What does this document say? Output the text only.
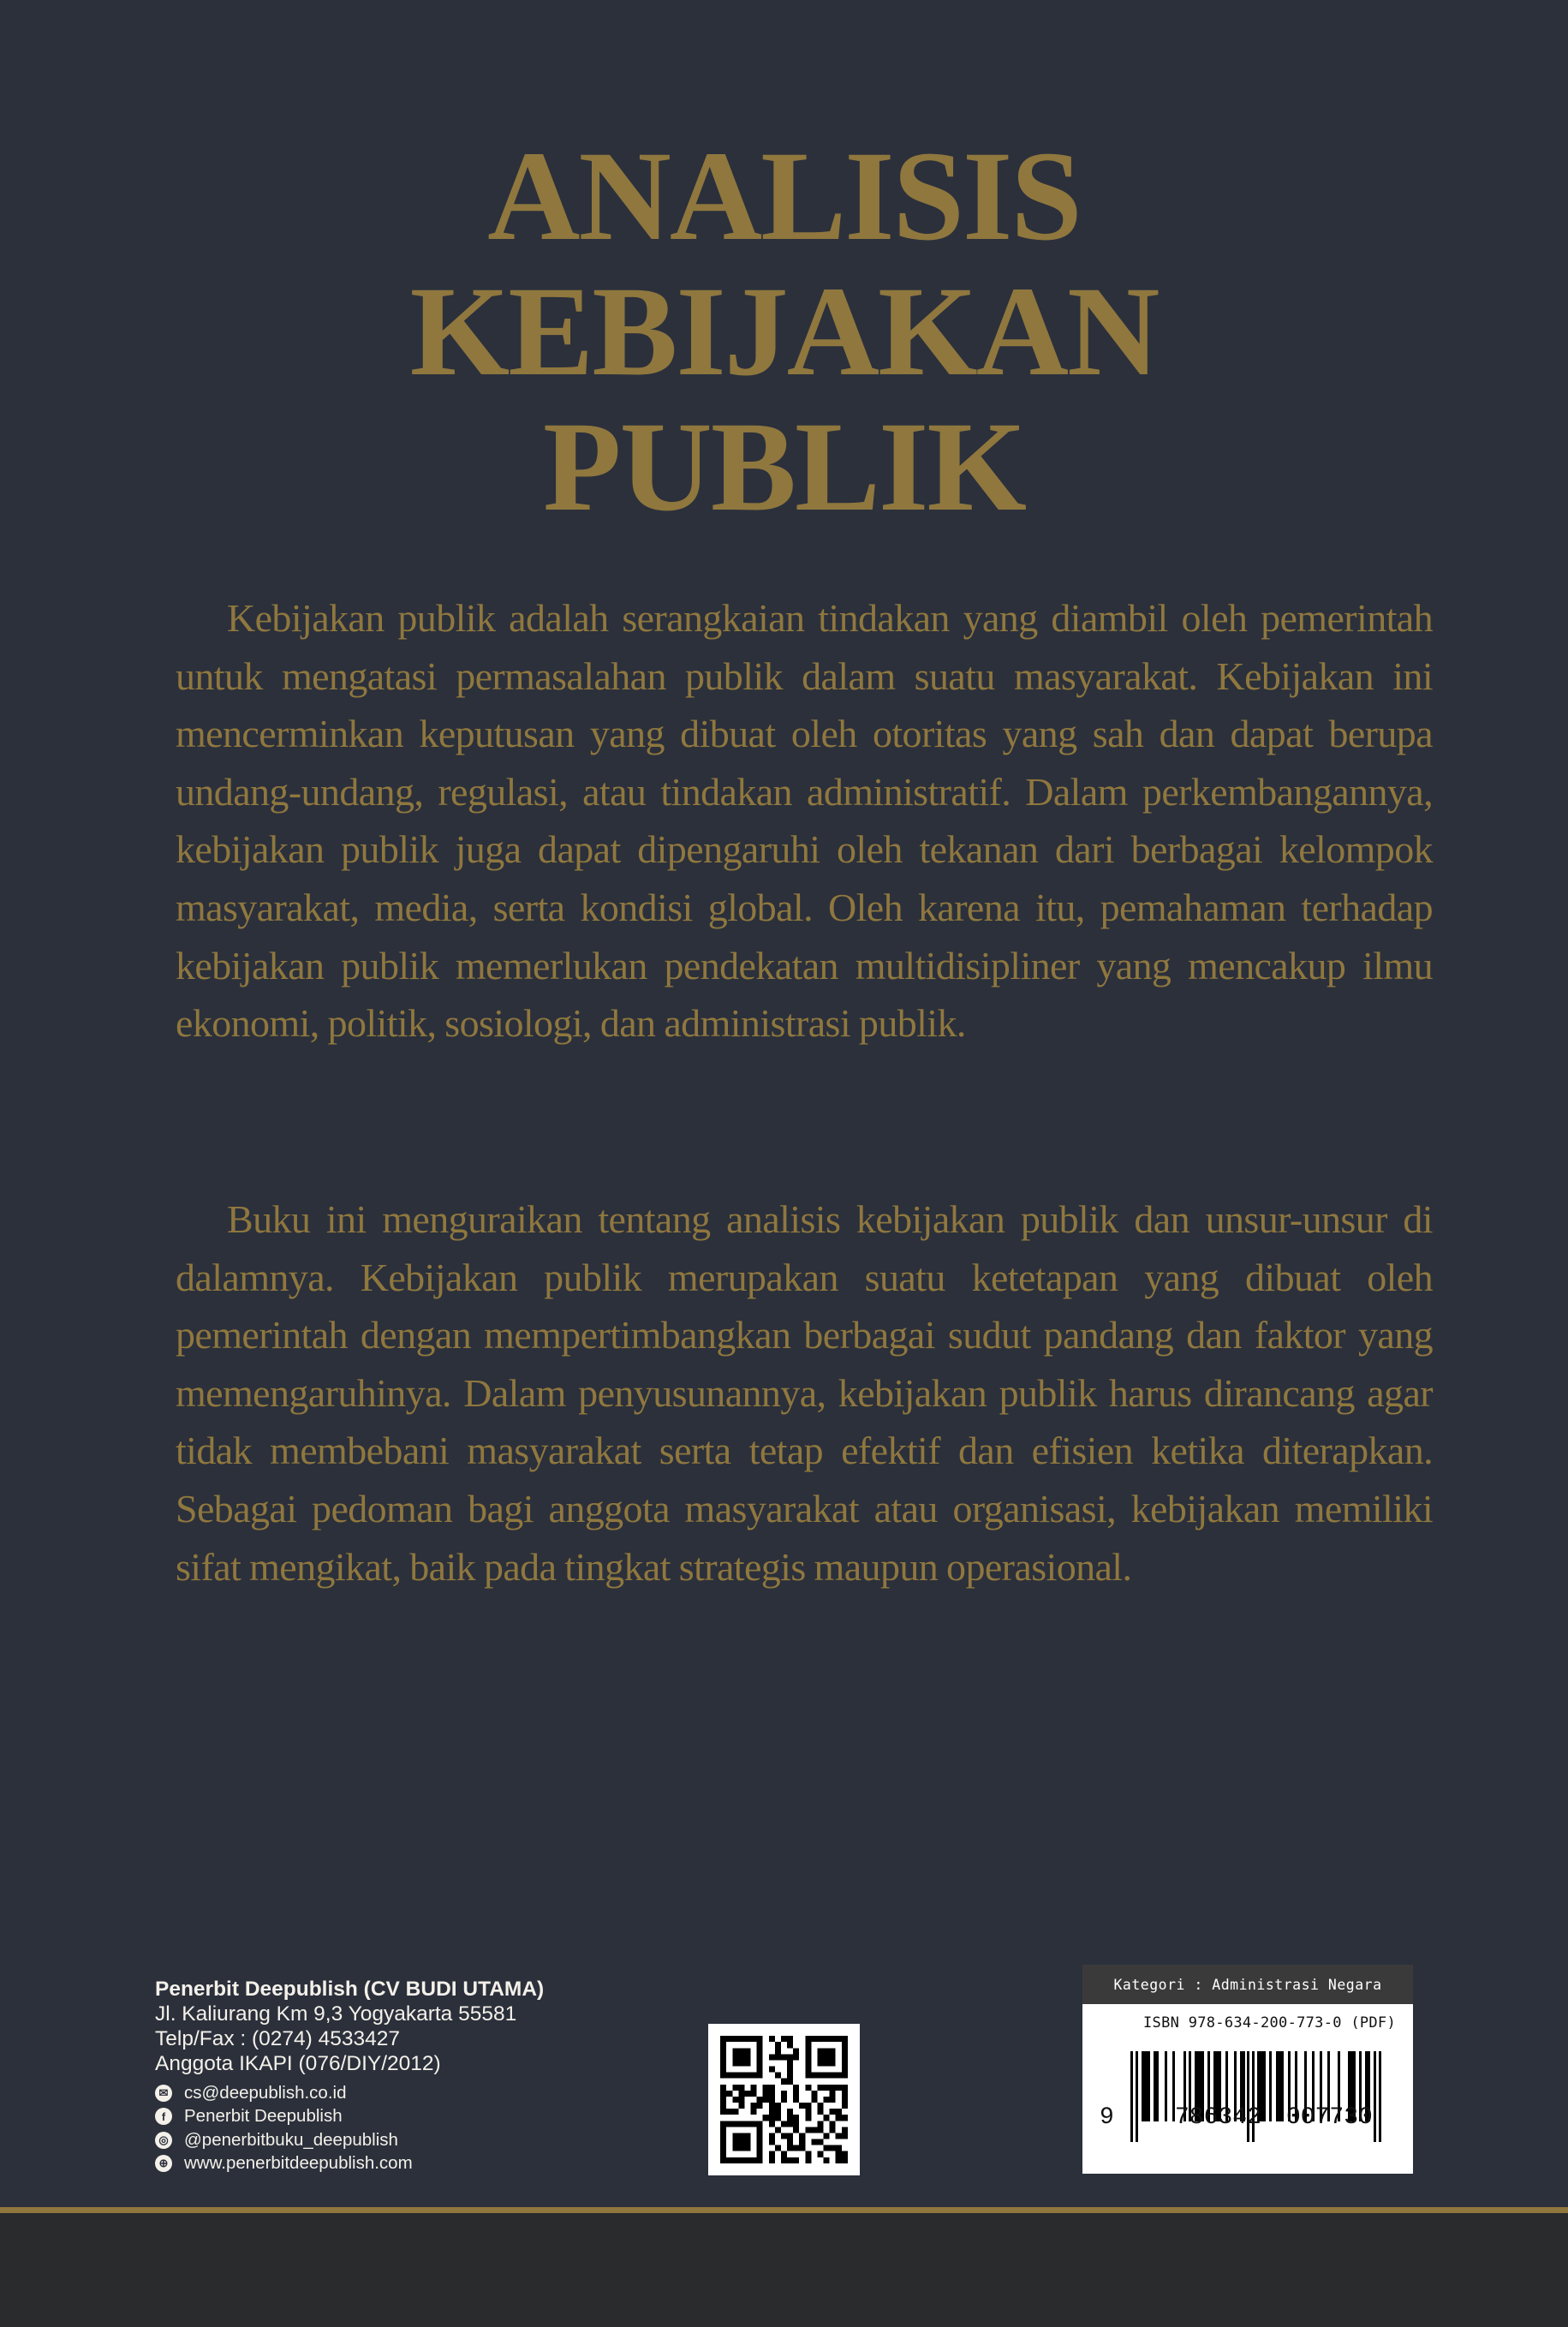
ANALISIS
KEBIJAKAN
PUBLIK

Kebijakan publik adalah serangkaian tindakan yang diambil oleh pemerintah untuk mengatasi permasalahan publik dalam suatu masyarakat. Kebijakan ini mencerminkan keputusan yang dibuat oleh otoritas yang sah dan dapat berupa undang-undang, regulasi, atau tindakan administratif. Dalam perkembangannya, kebijakan publik juga dapat dipengaruhi oleh tekanan dari berbagai kelompok masyarakat, media, serta kondisi global. Oleh karena itu, pemahaman terhadap kebijakan publik memerlukan pendekatan multidisipliner yang mencakup ilmu ekonomi, politik, sosiologi, dan administrasi publik.

Buku ini menguraikan tentang analisis kebijakan publik dan unsur-unsur di dalamnya. Kebijakan publik merupakan suatu ketetapan yang dibuat oleh pemerintah dengan mempertimbangkan berbagai sudut pandang dan faktor yang memengaruhinya. Dalam penyusunannya, kebijakan publik harus dirancang agar tidak membebani masyarakat serta tetap efektif dan efisien ketika diterapkan. Sebagai pedoman bagi anggota masyarakat atau organisasi, kebijakan memiliki sifat mengikat, baik pada tingkat strategis maupun operasional.

Penerbit Deepublish (CV BUDI UTAMA)
Jl. Kaliurang Km 9,3 Yogyakarta 55581
Telp/Fax : (0274) 4533427
Anggota IKAPI (076/DIY/2012)
✉ cs@deepublish.co.id
f	Penerbit Deepublish
◎ @penerbitbuku_deepublish
⊕ www.penerbitdeepublish.com
Kategori : Administrasi Negara
ISBN 978-634-200-773-0 (PDF)
9	786342 007730
